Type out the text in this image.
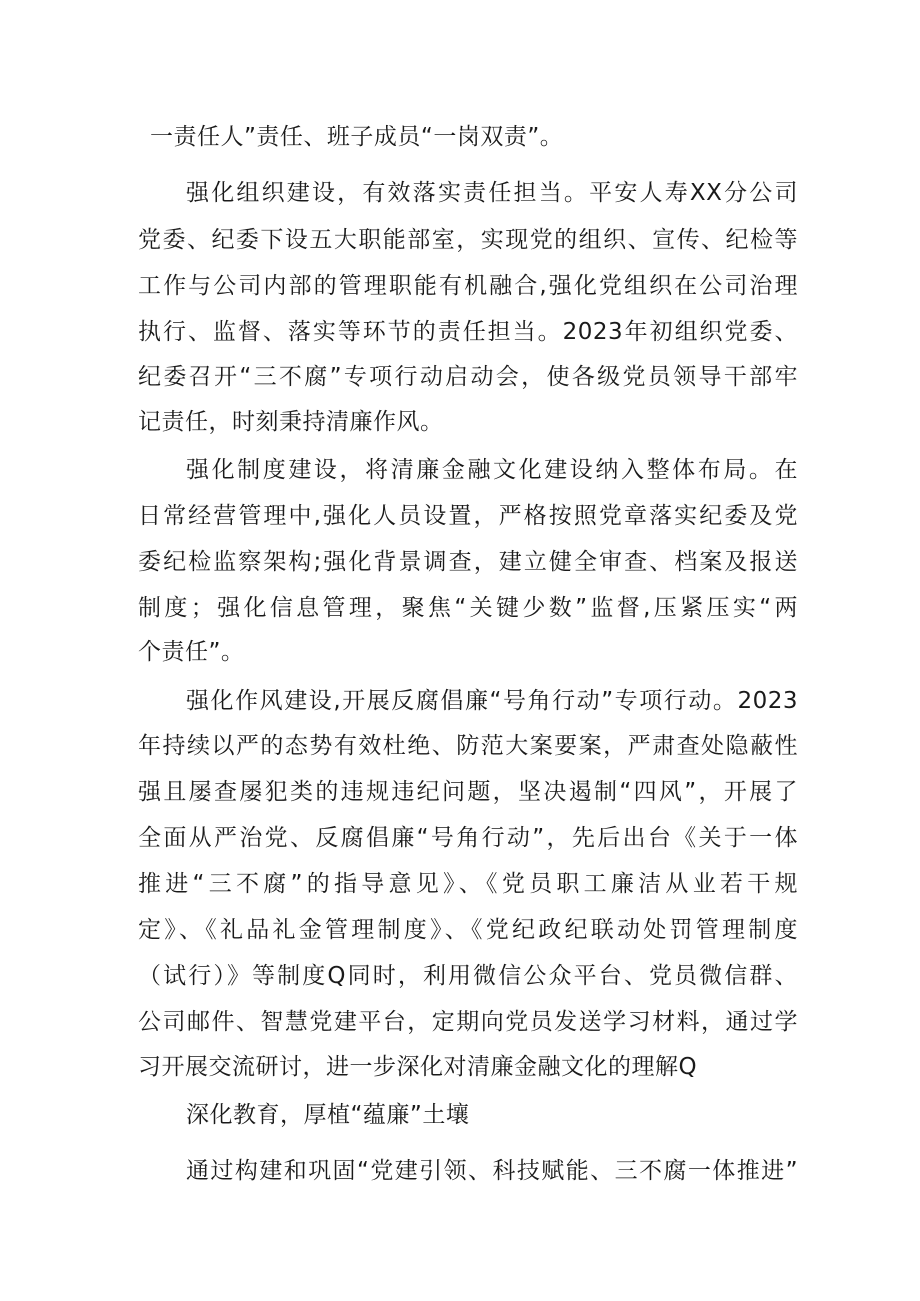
一责任人”责任、班子成员“一岗双责”。
强化组织建设，有效落实责任担当。平安人寿XX分公司
党委、纪委下设五大职能部室，实现党的组织、宣传、纪检等
工作与公司内部的管理职能有机融合,强化党组织在公司治理
执行、监督、落实等环节的责任担当。2023年初组织党委、
纪委召开“三不腐”专项行动启动会，使各级党员领导干部牢
记责任，时刻秉持清廉作风。
强化制度建设，将清廉金融文化建设纳入整体布局。在
日常经营管理中,强化人员设置，严格按照党章落实纪委及党
委纪检监察架构;强化背景调查，建立健全审查、档案及报送
制度；强化信息管理，聚焦“关键少数”监督,压紧压实“两
个责任”。
强化作风建设,开展反腐倡廉“号角行动”专项行动。2023
年持续以严的态势有效杜绝、防范大案要案，严肃查处隐蔽性
强且屡查屡犯类的违规违纪问题，坚决遏制“四风”，开展了
全面从严治党、反腐倡廉“号角行动”，先后出台《关于一体
推进“三不腐”的指导意见》、《党员职工廉洁从业若干规
定》、《礼品礼金管理制度》、《党纪政纪联动处罚管理制度
（试行）》等制度Q同时，利用微信公众平台、党员微信群、
公司邮件、智慧党建平台，定期向党员发送学习材料，通过学
习开展交流研讨，进一步深化对清廉金融文化的理解Q
深化教育，厚植“蕴廉”土壤
通过构建和巩固“党建引领、科技赋能、三不腐一体推进”
